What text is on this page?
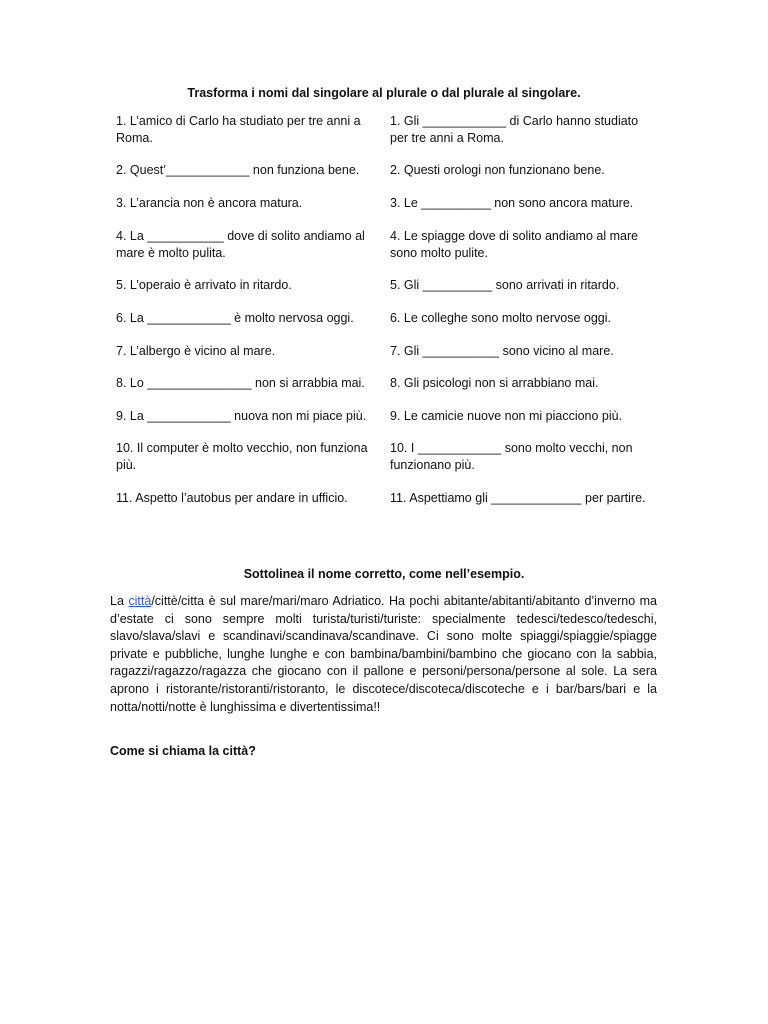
Trasforma i nomi dal singolare al plurale o dal plurale al singolare.
1. L’amico di Carlo ha studiato per tre anni a Roma.
2. Quest’____________ non funziona bene.
3. L’arancia non è ancora matura.
4. La ___________ dove di solito andiamo al mare è molto pulita.
5. L’operaio è arrivato in ritardo.
6. La ____________ è molto nervosa oggi.
7. L’albergo è vicino al mare.
8. Lo _______________ non si arrabbia mai.
9. La ____________ nuova non mi piace più.
10. Il computer è molto vecchio, non funziona più.
11. Aspetto l’autobus per andare in ufficio.
1. Gli ____________ di Carlo hanno studiato per tre anni a Roma.
2. Questi orologi non funzionano bene.
3. Le __________ non sono ancora mature.
4. Le spiagge dove di solito andiamo al mare sono molto pulite.
5. Gli __________ sono arrivati in ritardo.
6. Le colleghe sono molto nervose oggi.
7. Gli ___________ sono vicino al mare.
8. Gli psicologi non si arrabbiano mai.
9. Le camicie nuove non mi piacciono più.
10. I ____________ sono molto vecchi, non funzionano più.
11. Aspettiamo gli _____________ per partire.
Sottolinea il nome corretto, come nell’esempio.
La città/cittè/citta è sul mare/mari/maro Adriatico. Ha pochi abitante/abitanti/abitanto d’inverno ma d’estate ci sono sempre molti turista/turisti/turiste: specialmente tedesci/tedesco/tedeschi, slavo/slava/slavi e scandinavi/scandinava/scandinave. Ci sono molte spiaggi/spiaggie/spiagge private e pubbliche, lunghe lunghe e con bambina/bambini/bambino che giocano con la sabbia, ragazzi/ragazzo/ragazza che giocano con il pallone e personi/persona/persone al sole. La sera aprono i ristorante/ristoranti/ristoranto, le discotece/discoteca/discoteche e i bar/bars/bari e la notta/notti/notte è lunghissima e divertentissima!!
Come si chiama la città?
